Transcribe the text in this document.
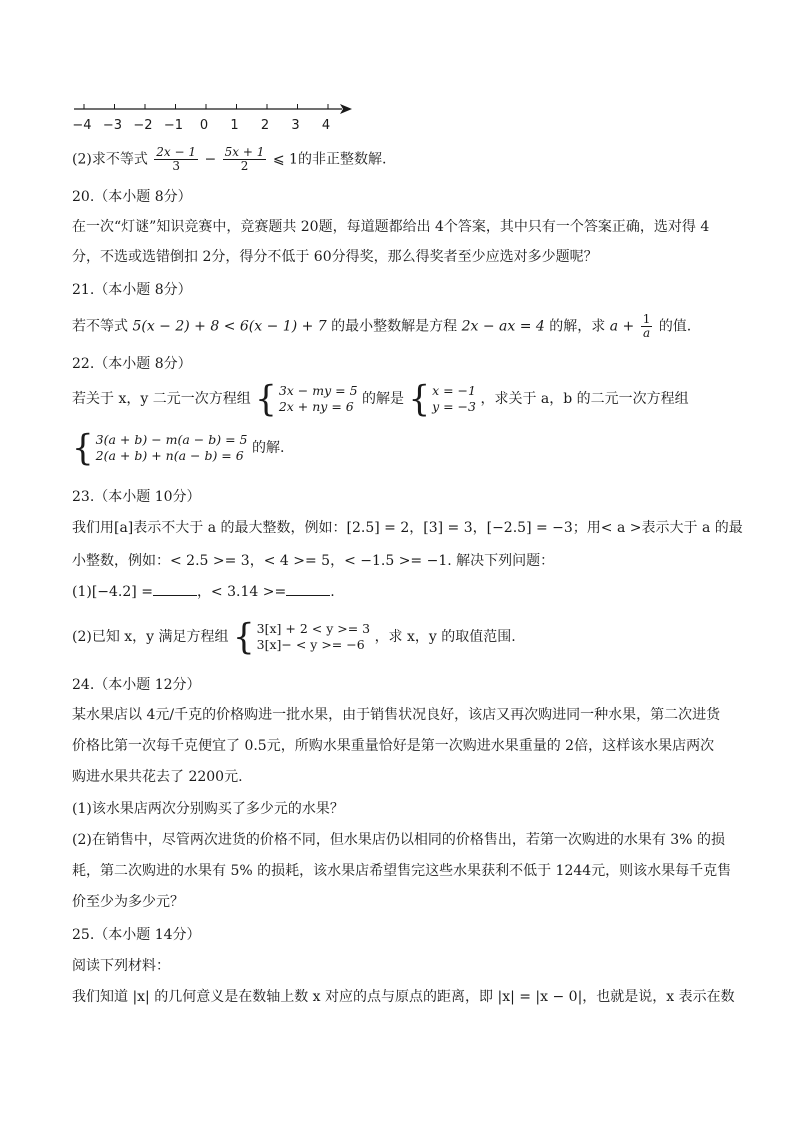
−4 −3 −2 −1 0 1 2 3 4
(2)求不等式 $\frac{2x - 1}{3} - \frac{5x + 1}{2}$ ⩽ 1的非正整数解.
20.（本小题 8分）
在一次“灯谜”知识竞赛中，竞赛题共 20题，每道题都给出 4个答案，其中只有一个答案正确，选对得 4
分，不选或选错倒扣 2分，得分不低于 60分得奖，那么得奖者至少应选对多少题呢？
21.（本小题 8分）
若不等式 5(x − 2) + 8 < 6(x − 1) + 7 的最小整数解是方程 2x − ax = 4 的解，求 $a + \frac{1}{a}$ 的值.
22.（本小题 8分）
若关于 x，y 二元一次方程组 { 3x − my = 5
2x + ny = 6 的解是 { x = −1
y = −3 ，求关于 a，b 的二元一次方程组
{ 3(a + b) − m(a − b) = 5
2(a + b) + n(a − b) = 6 的解.
23.（本小题 10分）
我们用[a]表示不大于 a 的最大整数，例如：[2.5] = 2，[3] = 3，[−2.5] = −3；用< a >表示大于 a 的最
小整数，例如：< 2.5 >= 3，< 4 >= 5，< −1.5 >= −1. 解决下列问题：
(1)[−4.2] =	，< 3.14 >=	.
(2)已知 x，y 满足方程组 { 3[x] + 2 < y >= 3
3[x]− < y >= −6 ，求 x，y 的取值范围.
24.（本小题 12分）
某水果店以 4元/千克的价格购进一批水果，由于销售状况良好，该店又再次购进同一种水果，第二次进货
价格比第一次每千克便宜了 0.5元，所购水果重量恰好是第一次购进水果重量的 2倍，这样该水果店两次
购进水果共花去了 2200元.
(1)该水果店两次分别购买了多少元的水果？
(2)在销售中，尽管两次进货的价格不同，但水果店仍以相同的价格售出，若第一次购进的水果有 3% 的损
耗，第二次购进的水果有 5% 的损耗，该水果店希望售完这些水果获利不低于 1244元，则该水果每千克售
价至少为多少元？
25.（本小题 14分）
阅读下列材料：
我们知道 |x| 的几何意义是在数轴上数 x 对应的点与原点的距离，即 |x| = |x − 0|，也就是说，x 表示在数
